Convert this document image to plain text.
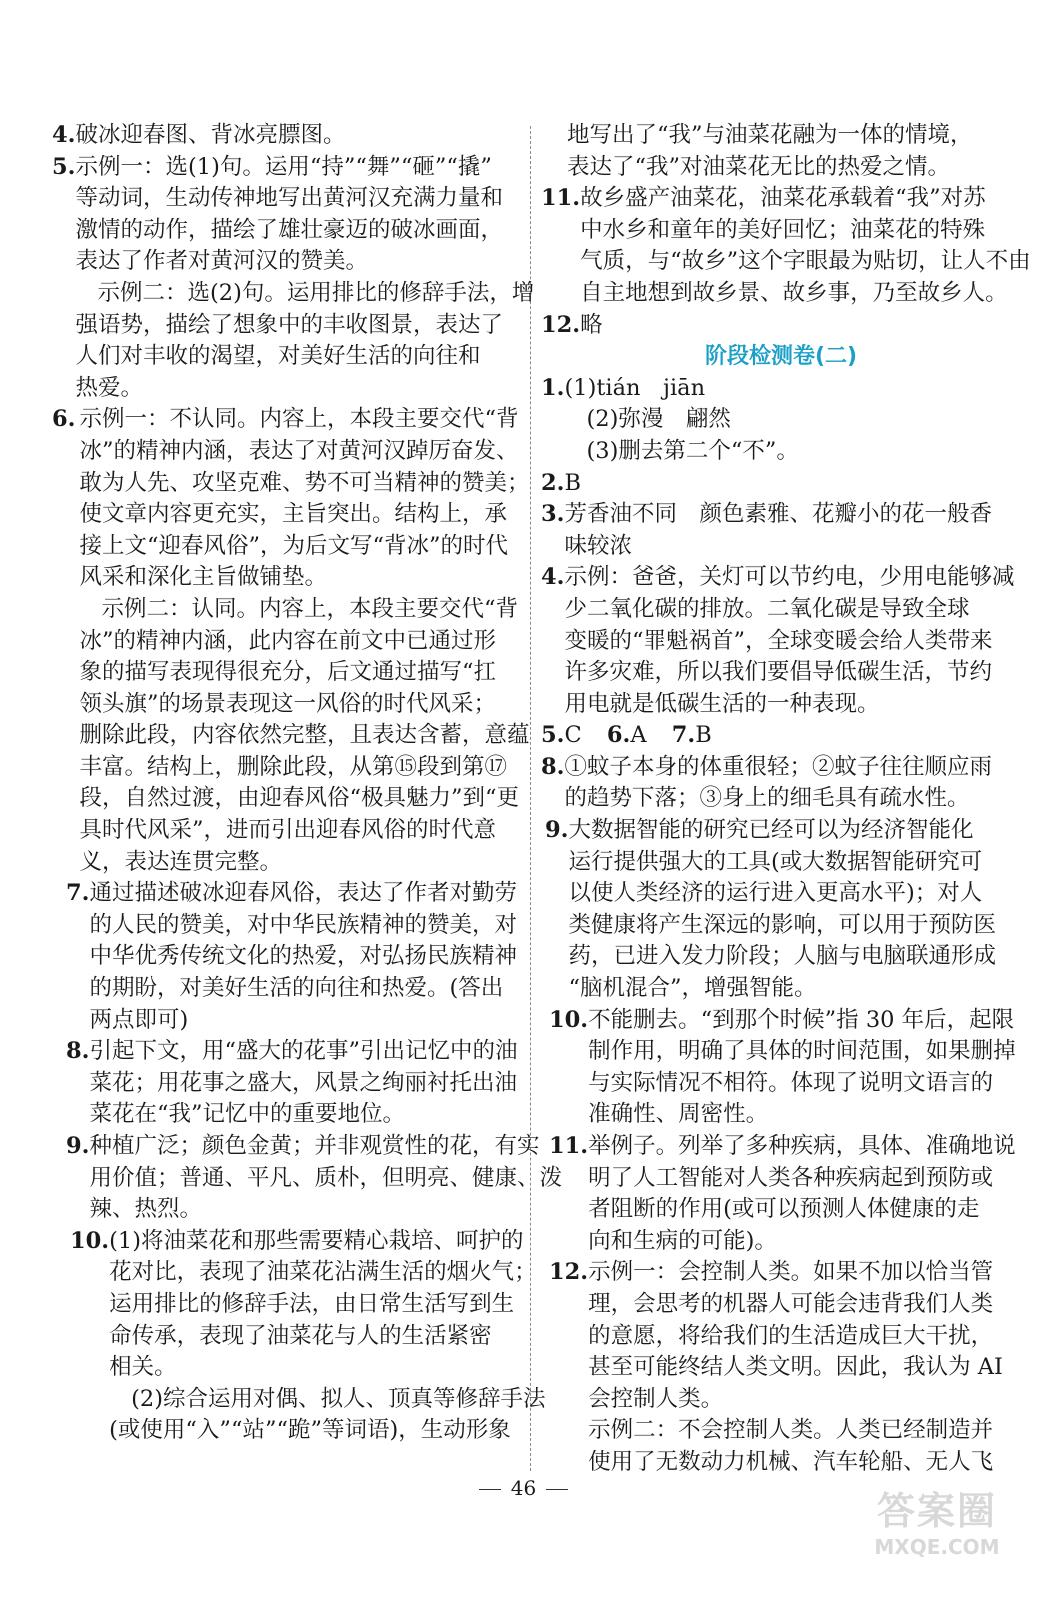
4. 破冰迎春图、背冰亮膘图。
5. 示例一：选(1)句。运用“持”“舞”“砸”“撬”
等动词，生动传神地写出黄河汉充满力量和
激情的动作，描绘了雄壮豪迈的破冰画面，
表达了作者对黄河汉的赞美。
示例二：选(2)句。运用排比的修辞手法，增
强语势，描绘了想象中的丰收图景，表达了
人们对丰收的渴望，对美好生活的向往和
热爱。
6. 示例一：不认同。内容上，本段主要交代“背
冰”的精神内涵，表达了对黄河汉踔厉奋发、
敢为人先、攻坚克难、势不可当精神的赞美；
使文章内容更充实，主旨突出。结构上，承
接上文“迎春风俗”，为后文写“背冰”的时代
风采和深化主旨做铺垫。
示例二：认同。内容上，本段主要交代“背
冰”的精神内涵，此内容在前文中已通过形
象的描写表现得很充分，后文通过描写“扛
领头旗”的场景表现这一风俗的时代风采；
删除此段，内容依然完整，且表达含蓄，意蕴
丰富。结构上，删除此段，从第⑮段到第⑰
段，自然过渡，由迎春风俗“极具魅力”到“更
具时代风采”，进而引出迎春风俗的时代意
义，表达连贯完整。
7. 通过描述破冰迎春风俗，表达了作者对勤劳
的人民的赞美，对中华民族精神的赞美，对
中华优秀传统文化的热爱，对弘扬民族精神
的期盼，对美好生活的向往和热爱。(答出
两点即可)
8. 引起下文，用“盛大的花事”引出记忆中的油
菜花；用花事之盛大，风景之绚丽衬托出油
菜花在“我”记忆中的重要地位。
9. 种植广泛；颜色金黄；并非观赏性的花，有实
用价值；普通、平凡、质朴，但明亮、健康、泼
辣、热烈。
10. (1)将油菜花和那些需要精心栽培、呵护的
花对比，表现了油菜花沾满生活的烟火气；
运用排比的修辞手法，由日常生活写到生
命传承，表现了油菜花与人的生活紧密
相关。
(2)综合运用对偶、拟人、顶真等修辞手法
(或使用“入”“站”“跪”等词语)，生动形象
地写出了“我”与油菜花融为一体的情境，
表达了“我”对油菜花无比的热爱之情。
11. 故乡盛产油菜花，油菜花承载着“我”对苏
中水乡和童年的美好回忆；油菜花的特殊
气质，与“故乡”这个字眼最为贴切，让人不由
自主地想到故乡景、故乡事，乃至故乡人。
12. 略
阶段检测卷(二)
1. (1)tián　jiān
(2)弥漫　翩然
(3)删去第二个“不”。
2. B
3. 芳香油不同　颜色素雅、花瓣小的花一般香
味较浓
4. 示例：爸爸，关灯可以节约电，少用电能够减
少二氧化碳的排放。二氧化碳是导致全球
变暖的“罪魁祸首”，全球变暖会给人类带来
许多灾难，所以我们要倡导低碳生活，节约
用电就是低碳生活的一种表现。
5.C 6.A 7.B
8. ①蚊子本身的体重很轻；②蚊子往往顺应雨
的趋势下落；③身上的细毛具有疏水性。
9. 大数据智能的研究已经可以为经济智能化
运行提供强大的工具(或大数据智能研究可
以使人类经济的运行进入更高水平)；对人
类健康将产生深远的影响，可以用于预防医
药，已进入发力阶段；人脑与电脑联通形成
“脑机混合”，增强智能。
10. 不能删去。“到那个时候”指 30 年后，起限
制作用，明确了具体的时间范围，如果删掉
与实际情况不相符。体现了说明文语言的
准确性、周密性。
11. 举例子。列举了多种疾病，具体、准确地说
明了人工智能对人类各种疾病起到预防或
者阻断的作用(或可以预测人体健康的走
向和生病的可能)。
12. 示例一：会控制人类。如果不加以恰当管
理，会思考的机器人可能会违背我们人类
的意愿，将给我们的生活造成巨大干扰，
甚至可能终结人类文明。因此，我认为 AI
会控制人类。
示例二：不会控制人类。人类已经制造并
使用了无数动力机械、汽车轮船、无人飞
46
答案圈
MXQE.COM
